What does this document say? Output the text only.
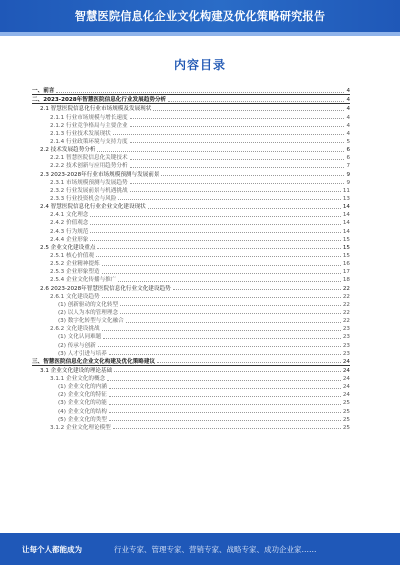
智慧医院信息化企业文化构建及优化策略研究报告
内容目录
一、前言	4
二、2023-2028年智慧医院信息化行业发展趋势分析	4
2.1 智慧医院信息化行业市场规模及发展现状	4
2.1.1 行业市场规模与增长速度	4
2.1.2 行业竞争格局与主要企业	4
2.1.3 行业技术发展现状	4
2.1.4 行业政策环境与支持力度	5
2.2 技术发展趋势分析	6
2.2.1 智慧医院信息化关键技术	6
2.2.2 技术创新与应用趋势分析	7
2.3 2023-2028年行业市场规模预测与发展前景	9
2.3.1 市场规模预测与发展趋势	9
2.3.2 行业发展前景与机遇挑战	11
2.3.3 行业投资机会与风险	13
2.4 智慧医院信息化行业企业文化建设现状	14
2.4.1 文化理念	14
2.4.2 价值观念	14
2.4.3 行为规范	14
2.4.4 企业形象	15
2.5 企业文化建设重点	15
2.5.1 核心价值观	15
2.5.2 企业精神提炼	16
2.5.3 企业形象塑造	17
2.5.4 企业文化传播与推广	18
2.6 2023-2028年智慧医院信息化行业文化建设趋势	22
2.6.1 文化建设趋势	22
(1) 创新驱动的文化转型	22
(2) 以人为本的管理理念	22
(3) 数字化转型与文化融合	22
2.6.2 文化建设挑战	23
(1) 文化认同难题	23
(2) 传承与创新	23
(3) 人才引进与培养	23
三、智慧医院信息化企业文化构建及优化策略建议	24
3.1 企业文化建设的理论基础	24
3.1.1 企业文化的概念	24
(1) 企业文化的内涵	24
(2) 企业文化的特征	24
(3) 企业文化的功能	25
(4) 企业文化的结构	25
(5) 企业文化的类型	25
3.1.2 企业文化理论模型	25
让每个人都能成为	行业专家、管理专家、营销专家、战略专家、成功企业家……
